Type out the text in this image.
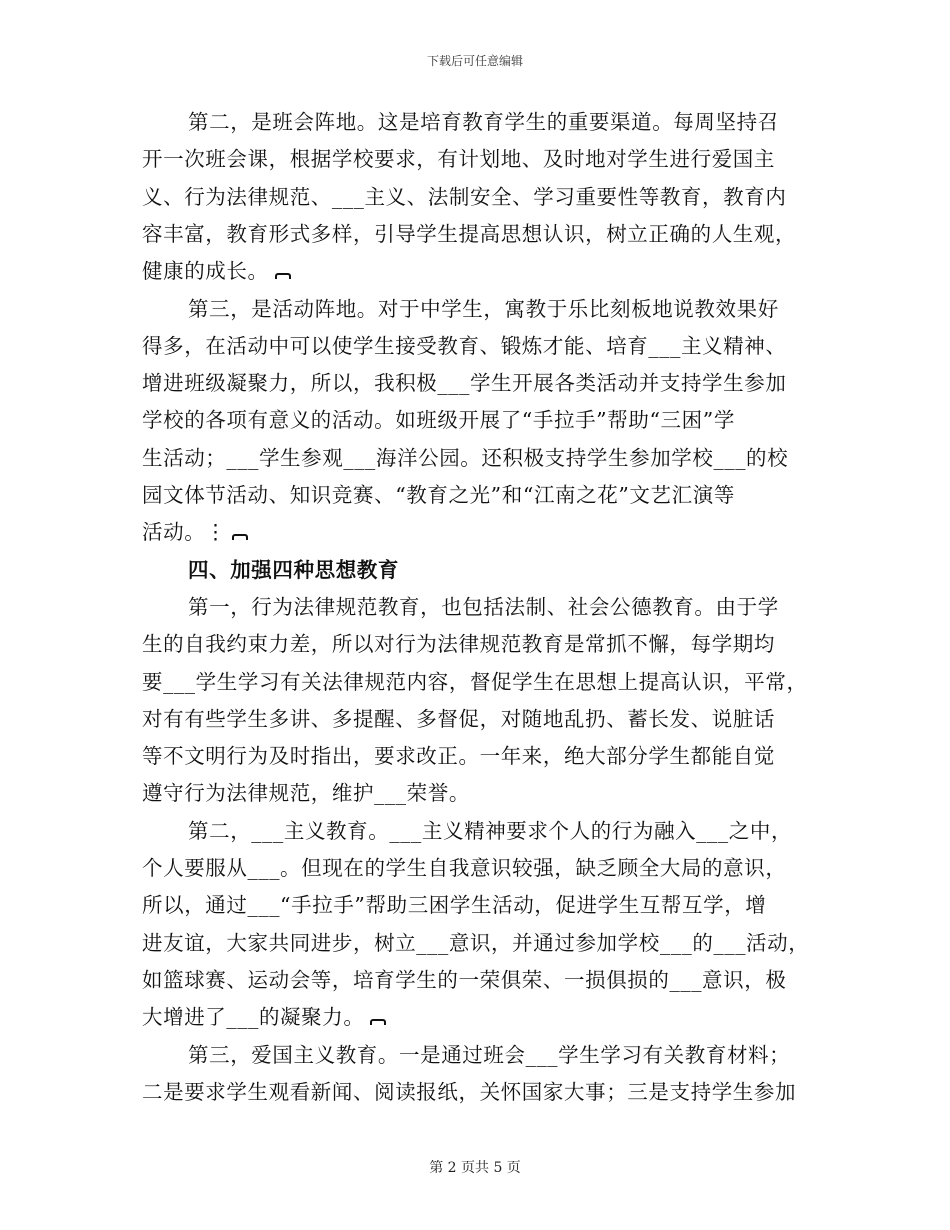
下载后可任意编辑
第二，是班会阵地。这是培育教育学生的重要渠道。每周坚持召
开一次班会课，根据学校要求，有计划地、及时地对学生进行爱国主
义、行为法律规范、___主义、法制安全、学习重要性等教育，教育内
容丰富，教育形式多样，引导学生提高思想认识，树立正确的人生观，
健康的成长。
第三，是活动阵地。对于中学生，寓教于乐比刻板地说教效果好
得多，在活动中可以使学生接受教育、锻炼才能、培育___主义精神、
增进班级凝聚力，所以，我积极___学生开展各类活动并支持学生参加
学校的各项有意义的活动。如班级开展了“手拉手”帮助“三困”学
生活动；___学生参观___海洋公园。还积极支持学生参加学校___的校
园文体节活动、知识竞赛、“教育之光”和“江南之花”文艺汇演等
活动。⋮
四、加强四种思想教育
第一，行为法律规范教育，也包括法制、社会公德教育。由于学
生的自我约束力差，所以对行为法律规范教育是常抓不懈，每学期均
要___学生学习有关法律规范内容，督促学生在思想上提高认识，平常，
对有有些学生多讲、多提醒、多督促，对随地乱扔、蓄长发、说脏话
等不文明行为及时指出，要求改正。一年来，绝大部分学生都能自觉
遵守行为法律规范，维护___荣誉。
第二，___主义教育。___主义精神要求个人的行为融入___之中，
个人要服从___。但现在的学生自我意识较强，缺乏顾全大局的意识，
所以，通过___“手拉手”帮助三困学生活动，促进学生互帮互学，增
进友谊，大家共同进步，树立___意识，并通过参加学校___的___活动，
如篮球赛、运动会等，培育学生的一荣俱荣、一损俱损的___意识，极
大增进了___的凝聚力。
第三，爱国主义教育。一是通过班会___学生学习有关教育材料；
二是要求学生观看新闻、阅读报纸，关怀国家大事；三是支持学生参加
第 2 页共 5 页
